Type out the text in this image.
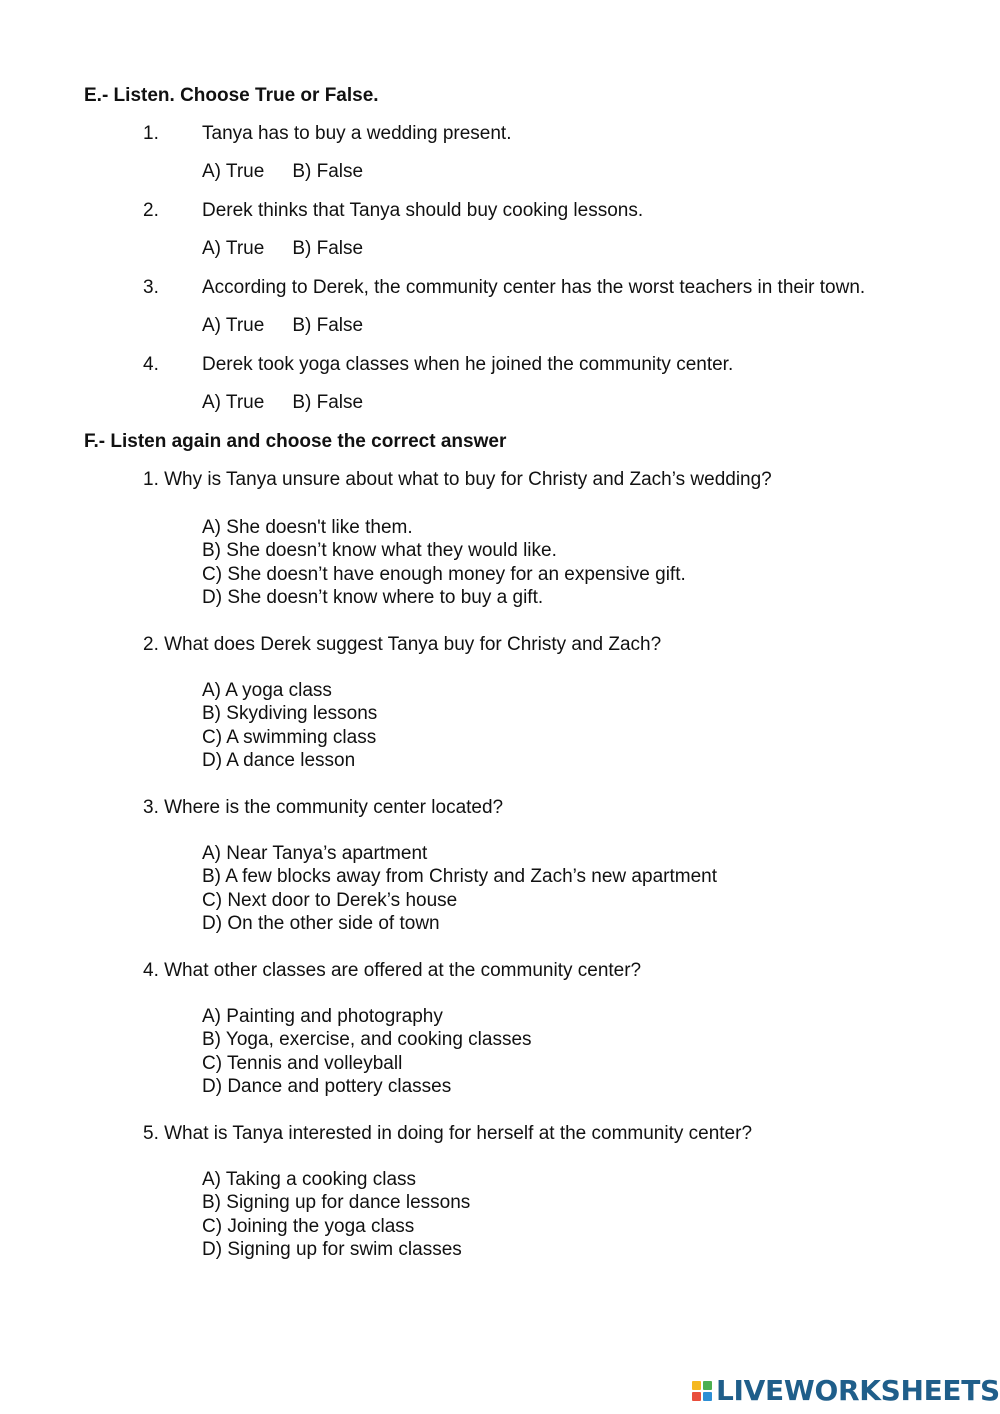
E.- Listen. Choose True or False.
1. Tanya has to buy a wedding present.
A) True B) False
2. Derek thinks that Tanya should buy cooking lessons.
A) True B) False
3. According to Derek, the community center has the worst teachers in their town.
A) True B) False
4. Derek took yoga classes when he joined the community center.
A) True B) False
F.- Listen again and choose the correct answer
1. Why is Tanya unsure about what to buy for Christy and Zach’s wedding?
A) She doesn't like them.
B) She doesn’t know what they would like.
C) She doesn’t have enough money for an expensive gift.
D) She doesn’t know where to buy a gift.
2. What does Derek suggest Tanya buy for Christy and Zach?
A) A yoga class
B) Skydiving lessons
C) A swimming class
D) A dance lesson
3. Where is the community center located?
A) Near Tanya’s apartment
B) A few blocks away from Christy and Zach’s new apartment
C) Next door to Derek’s house
D) On the other side of town
4. What other classes are offered at the community center?
A) Painting and photography
B) Yoga, exercise, and cooking classes
C) Tennis and volleyball
D) Dance and pottery classes
5. What is Tanya interested in doing for herself at the community center?
A) Taking a cooking class
B) Signing up for dance lessons
C) Joining the yoga class
D) Signing up for swim classes
LIVEWORKSHEETS
